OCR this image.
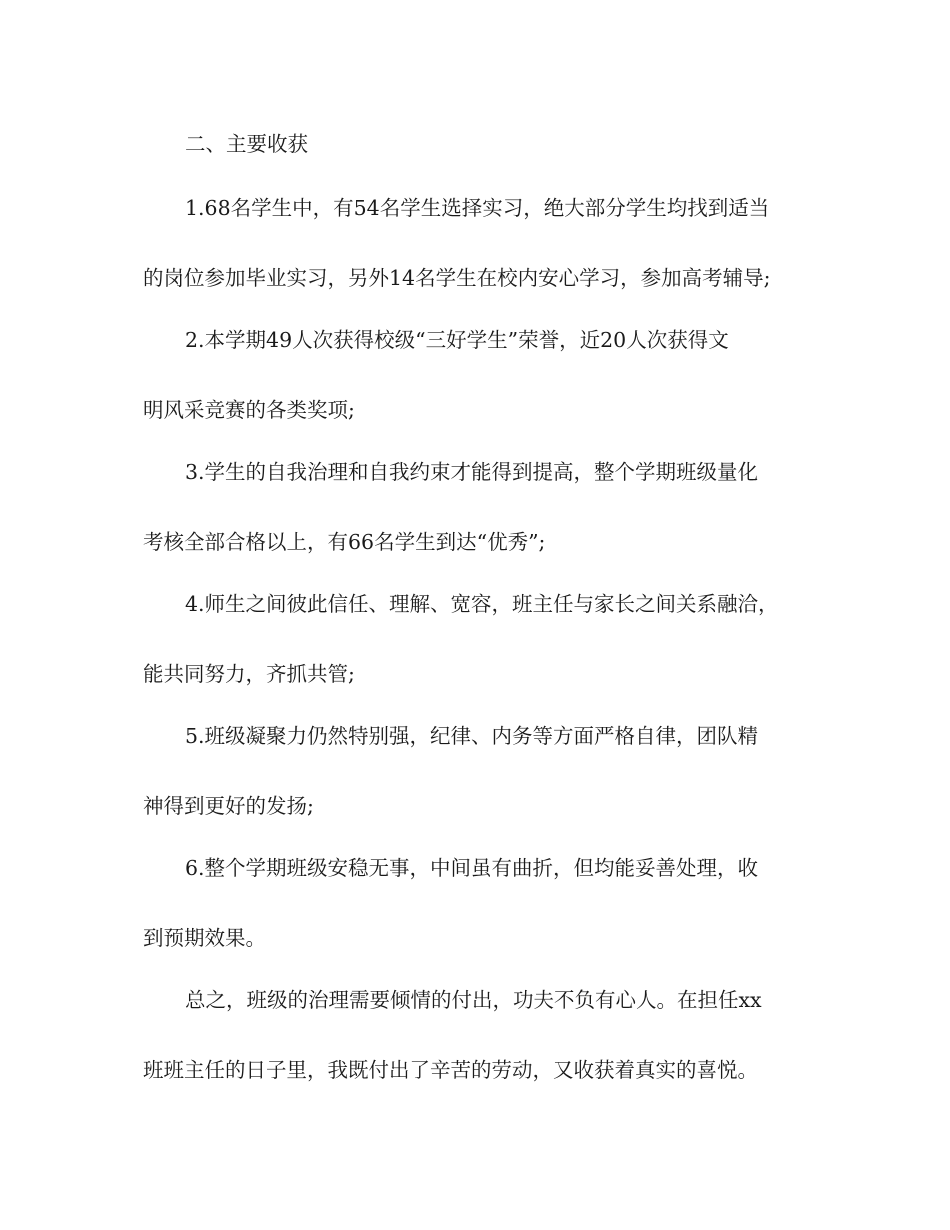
二、主要收获
1.68名学生中，有54名学生选择实习，绝大部分学生均找到适当
的岗位参加毕业实习，另外14名学生在校内安心学习，参加高考辅导;
2.本学期49人次获得校级“三好学生”荣誉，近20人次获得文
明风采竞赛的各类奖项;
3.学生的自我治理和自我约束才能得到提高，整个学期班级量化
考核全部合格以上，有66名学生到达“优秀”;
4.师生之间彼此信任、理解、宽容，班主任与家长之间关系融洽，
能共同努力，齐抓共管;
5.班级凝聚力仍然特别强，纪律、内务等方面严格自律，团队精
神得到更好的发扬;
6.整个学期班级安稳无事，中间虽有曲折，但均能妥善处理，收
到预期效果。
总之，班级的治理需要倾情的付出，功夫不负有心人。在担任xx
班班主任的日子里，我既付出了辛苦的劳动，又收获着真实的喜悦。
